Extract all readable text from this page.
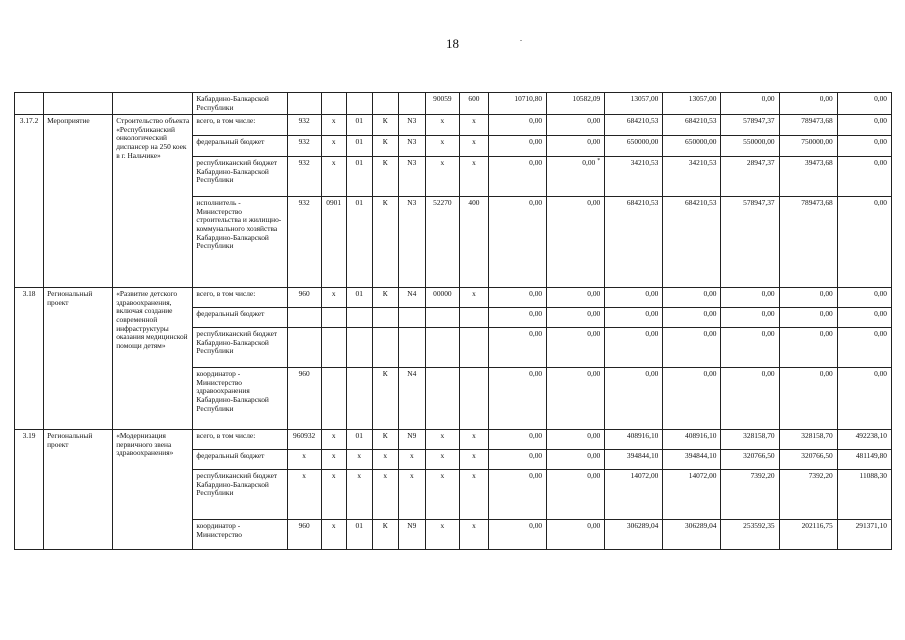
18	.
			Кабардино-Балкарской Республики						90059	600	10710,80	10582,09	13057,00	13057,00	0,00	0,00	0,00
3.17.2	Мероприятие	Строительство объекта «Республиканский онкологический диспансер на 250 коек в г. Нальчике»	всего, в том числе:	932	x	01	К	N3	x	x	0,00	0,00	684210,53	684210,53	578947,37	789473,68	0,00
			федеральный бюджет	932	x	01	К	N3	x	x	0,00	0,00	650000,00	650000,00	550000,00	750000,00	0,00
			республиканский бюджет Кабардино-Балкарской Республики	932	x	01	К	N3	x	x	0,00	0,00 *	34210,53	34210,53	28947,37	39473,68	0,00
			исполнитель - Министерство строительства и жилищно-коммунального хозяйства Кабардино-Балкарской Республики	932	0901	01	К	N3	52270	400	0,00	0,00	684210,53	684210,53	578947,37	789473,68	0,00
3.18	Региональный проект	«Развитие детского здравоохранения, включая создание современной инфраструктуры оказания медицинской помощи детям»	всего, в том числе:	960	x	01	К	N4	00000	x	0,00	0,00	0,00	0,00	0,00	0,00	0,00
			федеральный бюджет								0,00	0,00	0,00	0,00	0,00	0,00	0,00
			республиканский бюджет Кабардино-Балкарской Республики								0,00	0,00	0,00	0,00	0,00	0,00	0,00
			координатор - Министерство здравоохранения Кабардино-Балкарской Республики	960			К	N4			0,00	0,00	0,00	0,00	0,00	0,00	0,00
3.19	Региональный проект	«Модернизация первичного звена здравоохранения»	всего, в том числе:	960932	x	01	К	N9	x	x	0,00	0,00	408916,10	408916,10	328158,70	328158,70	492238,10
			федеральный бюджет	x	x	x	x	x	x	x	0,00	0,00	394844,10	394844,10	320766,50	320766,50	481149,80
			республиканский бюджет Кабардино-Балкарской Республики	x	x	x	x	x	x	x	0,00	0,00	14072,00	14072,00	7392,20	7392,20	11088,30
			координатор - Министерство	960	x	01	К	N9	x	x	0,00	0,00	306289,04	306289,04	253592,35	202116,75	291371,10
